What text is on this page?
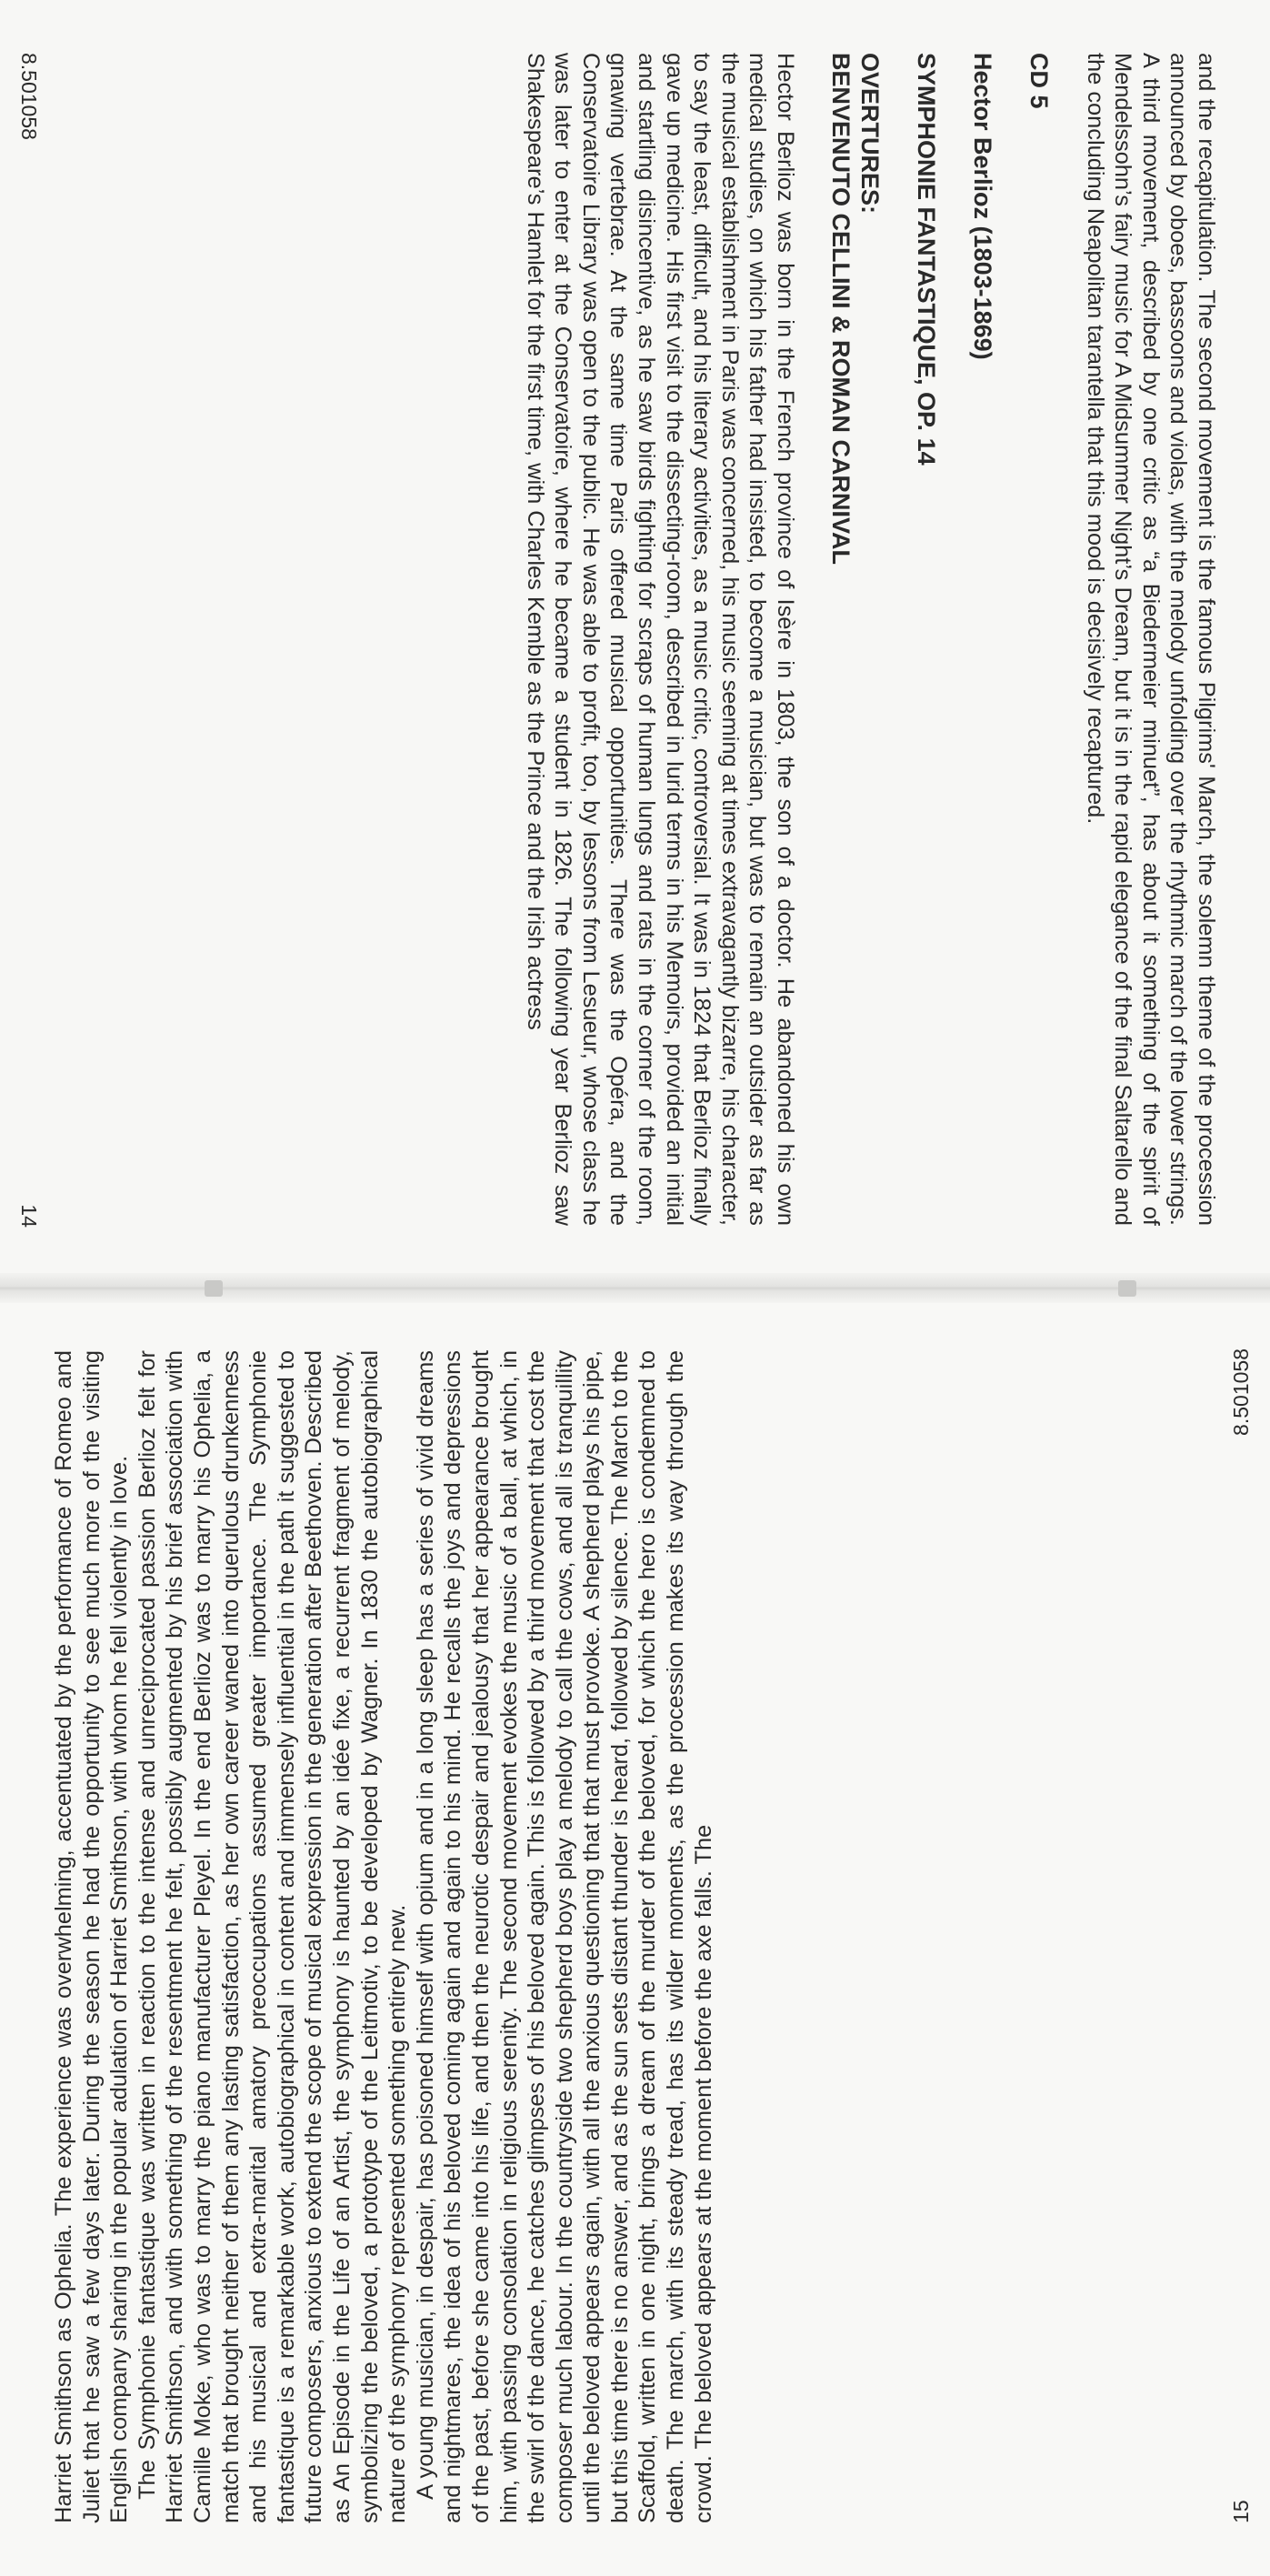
and the recapitulation. The second movement is the famous Pilgrims' March, the solemn theme of the procession announced by oboes, bassoons and violas, with the melody unfolding over the rhythmic march of the lower strings. A third movement, described by one critic as “a Biedermeier minuet”, has about it something of the spirit of Mendelssohn’s fairy music for A Midsummer Night’s Dream, but it is in the rapid elegance of the final Saltarello and the concluding Neapolitan tarantella that this mood is decisively recaptured.

CD 5

Hector Berlioz (1803-1869)

SYMPHONIE FANTASTIQUE, OP. 14

OVERTURES:

BENVENUTO CELLINI & ROMAN CARNIVAL

Hector Berlioz was born in the French province of Isère in 1803, the son of a doctor. He abandoned his own medical studies, on which his father had insisted, to become a musician, but was to remain an outsider as far as the musical establishment in Paris was concerned, his music seeming at times extravagantly bizarre, his character, to say the least, difficult, and his literary activities, as a music critic, controversial. It was in 1824 that Berlioz finally gave up medicine. His first visit to the dissecting-room, described in lurid terms in his Memoirs, provided an initial and startling disincentive, as he saw birds fighting for scraps of human lungs and rats in the corner of the room, gnawing vertebrae. At the same time Paris offered musical opportunities. There was the Opéra, and the Conservatoire Library was open to the public. He was able to profit, too, by lessons from Lesueur, whose class he was later to enter at the Conservatoire, where he became a student in 1826. The following year Berlioz saw Shakespeare’s Hamlet for the first time, with Charles Kemble as the Prince and the Irish actress

8.501058
14

Harriet Smithson as Ophelia. The experience was overwhelming, accentuated by the performance of Romeo and Juliet that he saw a few days later. During the season he had the opportunity to see much more of the visiting English company sharing in the popular adulation of Harriet Smithson, with whom he fell violently in love. The Symphonie fantastique was written in reaction to the intense and unreciprocated passion Berlioz felt for Harriet Smithson, and with something of the resentment he felt, possibly augmented by his brief association with Camille Moke, who was to marry the piano manufacturer Pleyel. In the end Berlioz was to marry his Ophelia, a match that brought neither of them any lasting satisfaction, as her own career waned into querulous drunkenness and his musical and extra-marital amatory preoccupations assumed greater importance. The Symphonie fantastique is a remarkable work, autobiographical in content and immensely influential in the path it suggested to future composers, anxious to extend the scope of musical expression in the generation after Beethoven. Described as An Episode in the Life of an Artist, the symphony is haunted by an idée fixe, a recurrent fragment of melody, symbolizing the beloved, a prototype of the Leitmotiv, to be developed by Wagner. In 1830 the autobiographical nature of the symphony represented something entirely new. A young musician, in despair, has poisoned himself with opium and in a long sleep has a series of vivid dreams and nightmares, the idea of his beloved coming again and again to his mind. He recalls the joys and depressions of the past, before she came into his life, and then the neurotic despair and jealousy that her appearance brought him, with passing consolation in religious serenity. The second movement evokes the music of a ball, at which, in the swirl of the dance, he catches glimpses of his beloved again. This is followed by a third movement that cost the composer much labour. In the countryside two shepherd boys play a melody to call the cows, and all is tranquillity until the beloved appears again, with all the anxious questioning that that must provoke. A shepherd plays his pipe, but this time there is no answer, and as the sun sets distant thunder is heard, followed by silence. The March to the Scaffold, written in one night, brings a dream of the murder of the beloved, for which the hero is condemned to death. The march, with its steady tread, has its wilder moments, as the procession makes its way through the crowd. The beloved appears at the moment before the axe falls. The	15
8.501058
